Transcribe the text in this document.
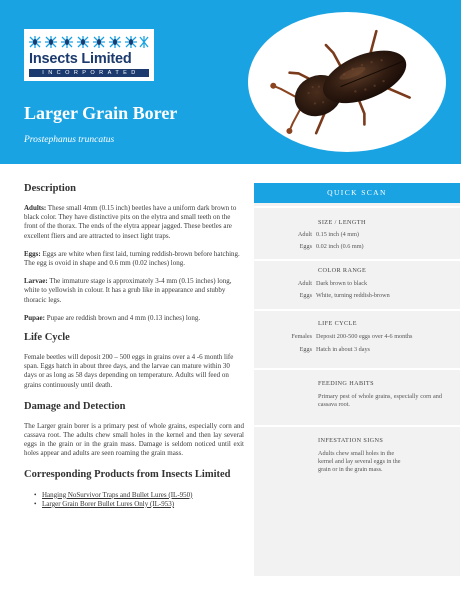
Insects Limited
INCORPORATED
Larger Grain Borer
Prostephanus truncatus
Description
Adults: These small 4mm (0.15 inch) beetles have a uniform dark brown to black color. They have distinctive pits on the elytra and small teeth on the front of the thorax. The ends of the elytra appear jagged. These beetles are excellent fliers and are attracted to insect light traps.
Eggs: Eggs are white when first laid, turning reddish-brown before hatching. The egg is ovoid in shape and 0.6 mm (0.02 inches) long.
Larvae: The immature stage is approximately 3-4 mm (0.15 inches) long, white to yellowish in colour. It has a grub like in appearance and stubby thoracic legs.
Pupae: Pupae are reddish brown and 4 mm (0.13 inches) long.
Life Cycle
Female beetles will deposit 200 – 500 eggs in grains over a 4 -6 month life span. Eggs hatch in about three days, and the larvae can mature within 30 days or as long as 58 days depending on temperature. Adults will feed on grains continuously until death.
Damage and Detection
The Larger grain borer is a primary pest of whole grains, especially corn and cassava root. The adults chew small holes in the kernel and then lay several eggs in the grain or in the grain mass. Damage is seldom noticed until exit holes appear and adults are seen roaming the grain mass.
Corresponding Products from Insects Limited
• Hanging NoSurvivor Traps and Bullet Lures (IL-950)
• Larger Grain Borer Bullet Lures Only (IL-953)
QUICK SCAN
SIZE / LENGTH
Adult 0.15 inch (4 mm)
Eggs 0.02 inch (0.6 mm)
COLOR RANGE
Adult Dark brown to black
Eggs White, turning reddish-brown
LIFE CYCLE
Females Deposit 200-500 eggs over 4-6 months
Eggs Hatch in about 3 days
FEEDING HABITS
Primary pest of whole grains, especially corn and cassava root.
INFESTATION SIGNS
Adults chew small holes in the kernel and lay several eggs in the grain or in the grain mass.
